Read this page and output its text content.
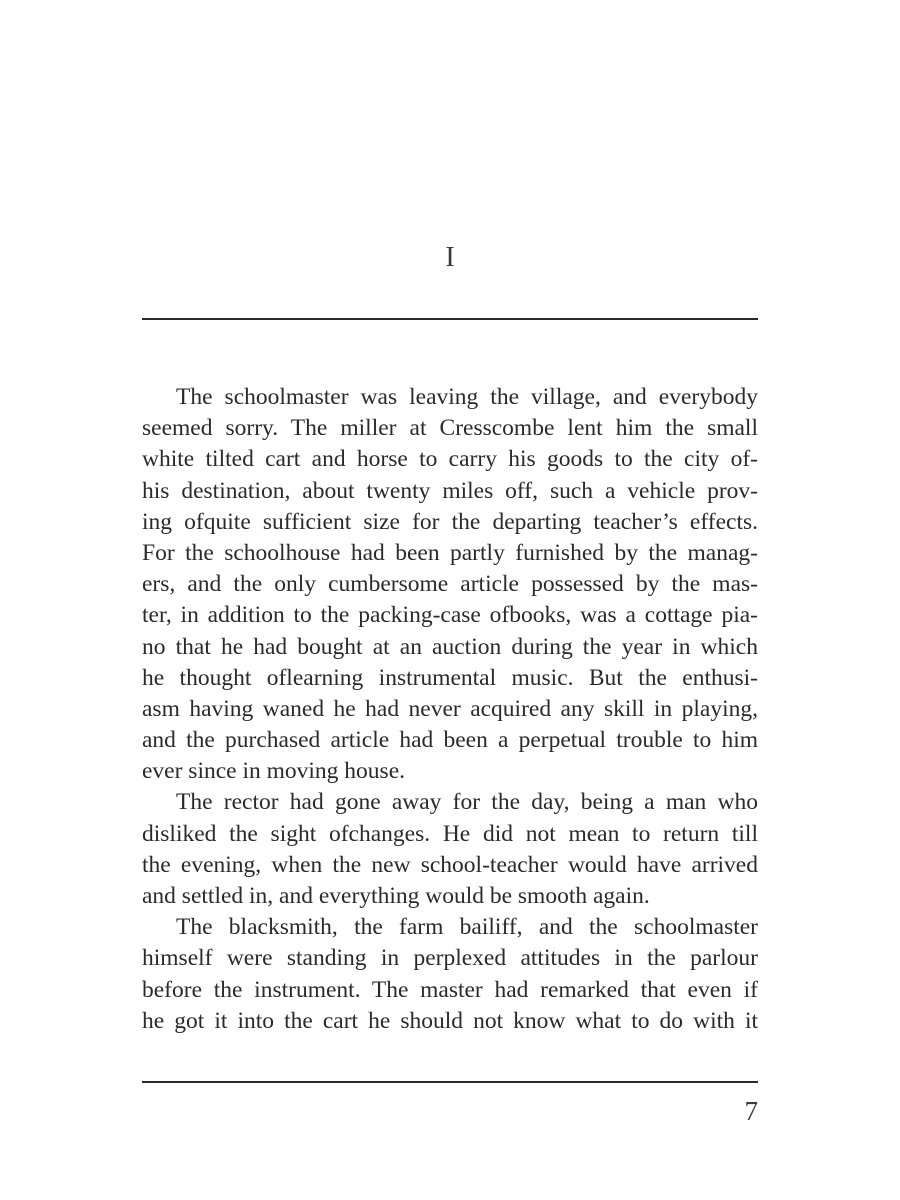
I
The schoolmaster was leaving the village, and everybody
seemed sorry. The miller at Cresscombe lent him the small
white tilted cart and horse to carry his goods to the city of-
his destination, about twenty miles off, such a vehicle prov-
ing ofquite sufficient size for the departing teacher’s effects.
For the schoolhouse had been partly furnished by the manag-
ers, and the only cumbersome article possessed by the mas-
ter, in addition to the packing-case ofbooks, was a cottage pia-
no that he had bought at an auction during the year in which
he thought oflearning instrumental music. But the enthusi-
asm having waned he had never acquired any skill in playing,
and the purchased article had been a perpetual trouble to him
ever since in moving house.
The rector had gone away for the day, being a man who
disliked the sight ofchanges. He did not mean to return till
the evening, when the new school-teacher would have arrived
and settled in, and everything would be smooth again.
The blacksmith, the farm bailiff, and the schoolmaster
himself were standing in perplexed attitudes in the parlour
before the instrument. The master had remarked that even if
he got it into the cart he should not know what to do with it
7
